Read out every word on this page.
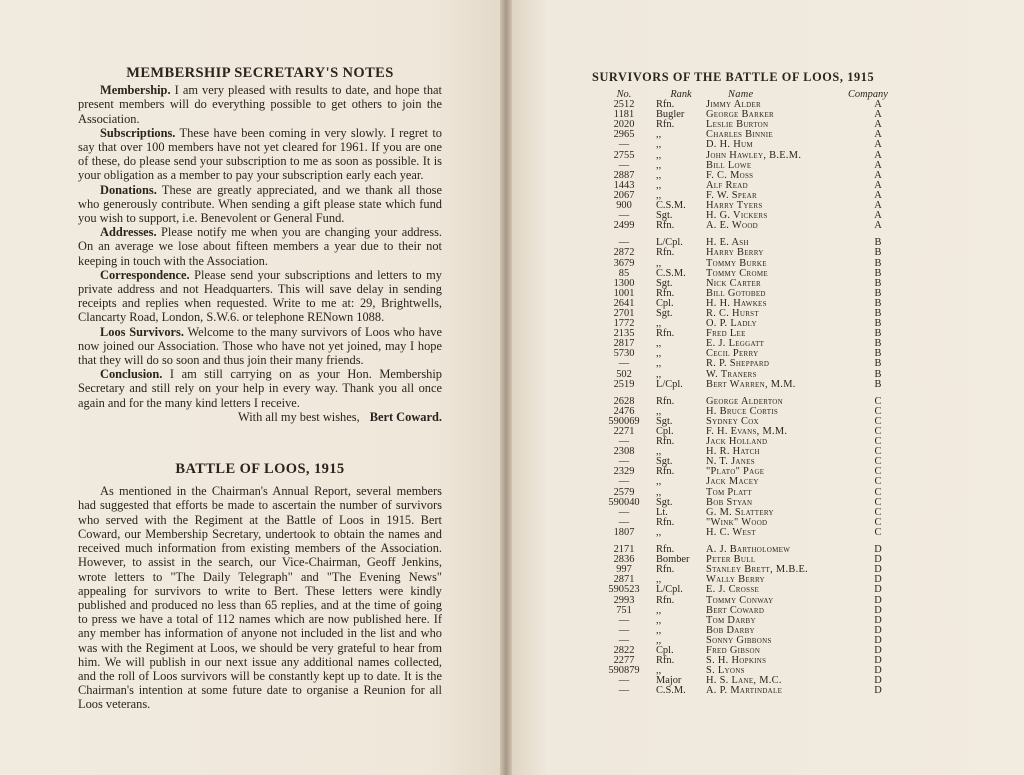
MEMBERSHIP SECRETARY'S NOTES

Membership. I am very pleased with results to date, and hope that present members will do everything possible to get others to join the Association.

Subscriptions. These have been coming in very slowly. I regret to say that over 100 members have not yet cleared for 1961. If you are one of these, do please send your subscription to me as soon as possible. It is your obligation as a member to pay your subscription early each year.

Donations. These are greatly appreciated, and we thank all those who generously contribute. When sending a gift please state which fund you wish to support, i.e. Benevolent or General Fund.

Addresses. Please notify me when you are changing your address. On an average we lose about fifteen members a year due to their not keeping in touch with the Association.

Correspondence. Please send your subscriptions and letters to my private address and not Headquarters. This will save delay in sending receipts and replies when requested. Write to me at: 29, Brightwells, Clancarty Road, London, S.W.6. or telephone RENown 1088.

Loos Survivors. Welcome to the many survivors of Loos who have now joined our Association. Those who have not yet joined, may I hope that they will do so soon and thus join their many friends.

Conclusion. I am still carrying on as your Hon. Membership Secretary and still rely on your help in every way. Thank you all once again and for the many kind letters I receive.

With all my best wishes, Bert Coward.

BATTLE OF LOOS, 1915

As mentioned in the Chairman's Annual Report, several members had suggested that efforts be made to ascertain the number of survivors who served with the Regiment at the Battle of Loos in 1915. Bert Coward, our Membership Secretary, undertook to obtain the names and received much information from existing members of the Association. However, to assist in the search, our Vice-Chairman, Geoff Jenkins, wrote letters to "The Daily Telegraph" and "The Evening News" appealing for survivors to write to Bert. These letters were kindly published and produced no less than 65 replies, and at the time of going to press we have a total of 112 names which are now published here. If any member has information of anyone not included in the list and who was with the Regiment at Loos, we should be very grateful to hear from him. We will publish in our next issue any additional names collected, and the roll of Loos survivors will be constantly kept up to date. It is the Chairman's intention at some future date to organise a Reunion for all Loos veterans.

SURVIVORS OF THE BATTLE OF LOOS, 1915
No.	Rank	Name	Company
2512	Rfn.	Jimmy Alder	A
1181	Bugler	George Barker	A
2020	Rfn.	Leslie Burton	A
2965	,,	Charles Binnie	A
—	,,	D. H. Hum	A
2755	,,	John Hawley, B.E.M.	A
—	,,	Bill Lowe	A
2887	,,	F. C. Moss	A
1443	,,	Alf Read	A
2067	,,	F. W. Spear	A
900	C.S.M.	Harry Tyers	A
—	Sgt.	H. G. Vickers	A
2499	Rfn.	A. E. Wood	A
—	L/Cpl.	H. E. Ash	B
2872	Rfn.	Harry Berry	B
3679	,,	Tommy Burke	B
85	C.S.M.	Tommy Crome	B
1300	Sgt.	Nick Carter	B
1001	Rfn.	Bill Gotobed	B
2641	Cpl.	H. H. Hawkes	B
2701	Sgt.	R. C. Hurst	B
1772	,,	O. P. Ladly	B
2135	Rfn.	Fred Lee	B
2817	,,	E. J. Leggatt	B
5730	,,	Cecil Perry	B
—	,,	R. P. Sheppard	B
502	,,	W. Traners	B
2519	L/Cpl.	Bert Warren, M.M.	B
2628	Rfn.	George Alderton	C
2476	,,	H. Bruce Cortis	C
590069	Sgt.	Sydney Cox	C
2271	Cpl.	F. H. Evans, M.M.	C
—	Rfn.	Jack Holland	C
2308	,,	H. R. Hatch	C
—	Sgt.	N. T. Janes	C
2329	Rfn.	"Plato" Page	C
—	,,	Jack Macey	C
2579	,,	Tom Platt	C
590040	Sgt.	Bob Styan	C
—	Lt.	G. M. Slattery	C
—	Rfn.	"Wink" Wood	C
1807	,,	H. C. West	C
2171	Rfn.	A. J. Bartholomew	D
2836	Bomber	Peter Bull	D
997	Rfn.	Stanley Brett, M.B.E.	D
2871	,,	Wally Berry	D
590523	L/Cpl.	E. J. Crosse	D
2993	Rfn.	Tommy Conway	D
751	,,	Bert Coward	D
—	,,	Tom Darby	D
—	,,	Bob Darby	D
—	,,	Sonny Gibbons	D
2822	Cpl.	Fred Gibson	D
2277	Rfn.	S. H. Hopkins	D
590879	,,	S. Lyons	D
—	Major	H. S. Lane, M.C.	D
—	C.S.M.	A. P. Martindale	D
